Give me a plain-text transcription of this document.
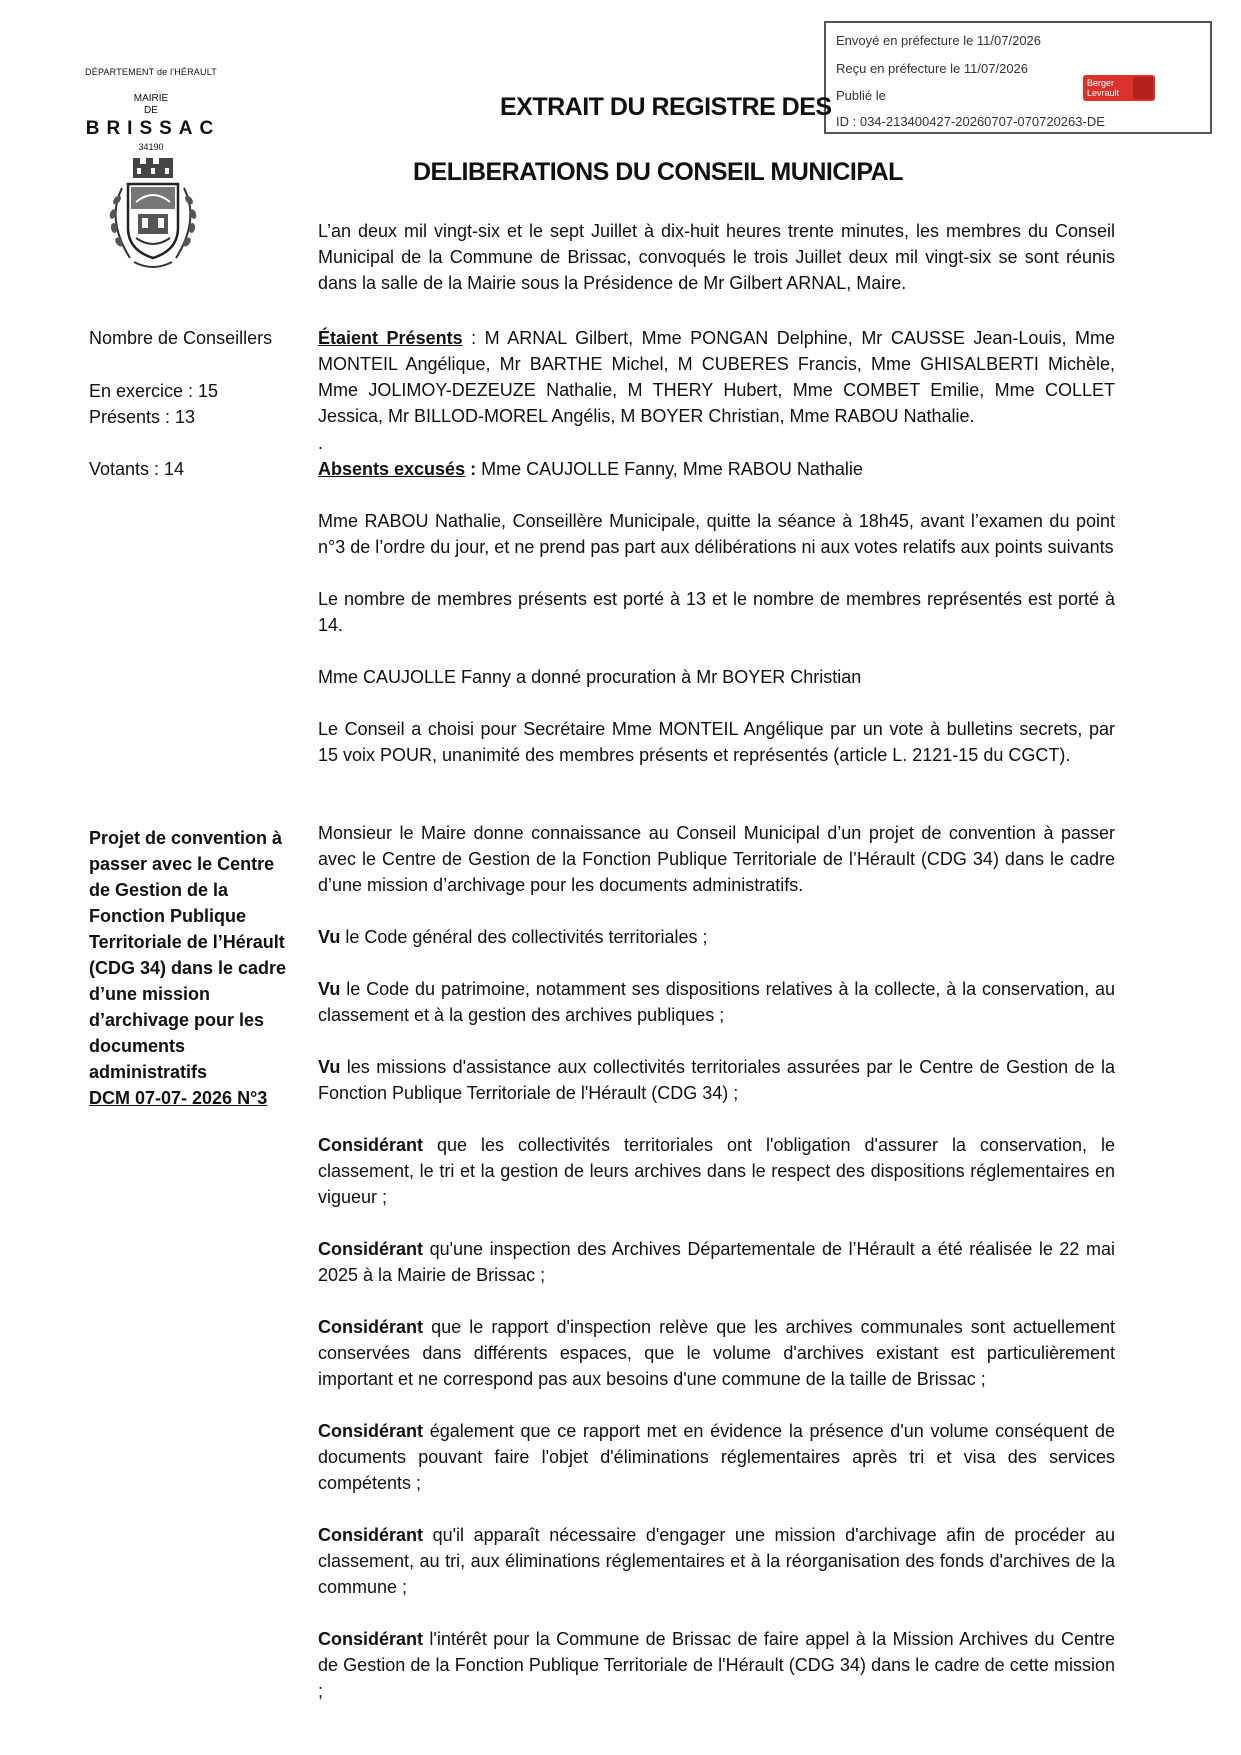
Envoyé en préfecture le 11/07/2026
Reçu en préfecture le 11/07/2026
Publié le
ID : 034-213400427-20260707-070720263-DE
Berger
Levrault
DÉPARTEMENT de l'HÉRAULT
MAIRIE
DE
BRISSAC
34190
EXTRAIT DU REGISTRE DES
DELIBERATIONS DU CONSEIL MUNICIPAL
L’an deux mil vingt-six et le sept Juillet à dix-huit heures trente minutes, les membres du Conseil Municipal de la Commune de Brissac, convoqués le trois Juillet deux mil vingt-six se sont réunis dans la salle de la Mairie sous la Présidence de Mr Gilbert ARNAL, Maire.
Nombre de Conseillers
En exercice : 15
Présents : 13
Votants : 14
Étaient Présents : M ARNAL Gilbert, Mme PONGAN Delphine, Mr CAUSSE Jean-Louis, Mme MONTEIL Angélique, Mr BARTHE Michel, M CUBERES Francis, Mme GHISALBERTI Michèle, Mme JOLIMOY-DEZEUZE Nathalie, M THERY Hubert, Mme COMBET Emilie, Mme COLLET Jessica, Mr BILLOD-MOREL Angélis, M BOYER Christian, Mme RABOU Nathalie.
.
Absents excusés : Mme CAUJOLLE Fanny, Mme RABOU Nathalie
Mme RABOU Nathalie, Conseillère Municipale, quitte la séance à 18h45, avant l’examen du point n°3 de l’ordre du jour, et ne prend pas part aux délibérations ni aux votes relatifs aux points suivants
Le nombre de membres présents est porté à 13 et le nombre de membres représentés est porté à 14.
Mme CAUJOLLE Fanny a donné procuration à Mr BOYER Christian
Le Conseil a choisi pour Secrétaire Mme MONTEIL Angélique par un vote à bulletins secrets, par 15 voix POUR, unanimité des membres présents et représentés (article L. 2121-15 du CGCT).
Projet de convention à passer avec le Centre de Gestion de la Fonction Publique Territoriale de l’Hérault (CDG 34) dans le cadre d’une mission d’archivage pour les documents administratifs
DCM 07-07- 2026 N°3
Monsieur le Maire donne connaissance au Conseil Municipal d’un projet de convention à passer avec le Centre de Gestion de la Fonction Publique Territoriale de l’Hérault (CDG 34) dans le cadre d’une mission d’archivage pour les documents administratifs.
Vu le Code général des collectivités territoriales ;
Vu le Code du patrimoine, notamment ses dispositions relatives à la collecte, à la conservation, au classement et à la gestion des archives publiques ;
Vu les missions d'assistance aux collectivités territoriales assurées par le Centre de Gestion de la Fonction Publique Territoriale de l'Hérault (CDG 34) ;
Considérant que les collectivités territoriales ont l'obligation d'assurer la conservation, le classement, le tri et la gestion de leurs archives dans le respect des dispositions réglementaires en vigueur ;
Considérant qu'une inspection des Archives Départementale de l’Hérault a été réalisée le 22 mai 2025 à la Mairie de Brissac ;
Considérant que le rapport d'inspection relève que les archives communales sont actuellement conservées dans différents espaces, que le volume d'archives existant est particulièrement important et ne correspond pas aux besoins d'une commune de la taille de Brissac ;
Considérant également que ce rapport met en évidence la présence d'un volume conséquent de documents pouvant faire l'objet d'éliminations réglementaires après tri et visa des services compétents ;
Considérant qu'il apparaît nécessaire d'engager une mission d'archivage afin de procéder au classement, au tri, aux éliminations réglementaires et à la réorganisation des fonds d'archives de la commune ;
Considérant l'intérêt pour la Commune de Brissac de faire appel à la Mission Archives du Centre de Gestion de la Fonction Publique Territoriale de l'Hérault (CDG 34) dans le cadre de cette mission ;
